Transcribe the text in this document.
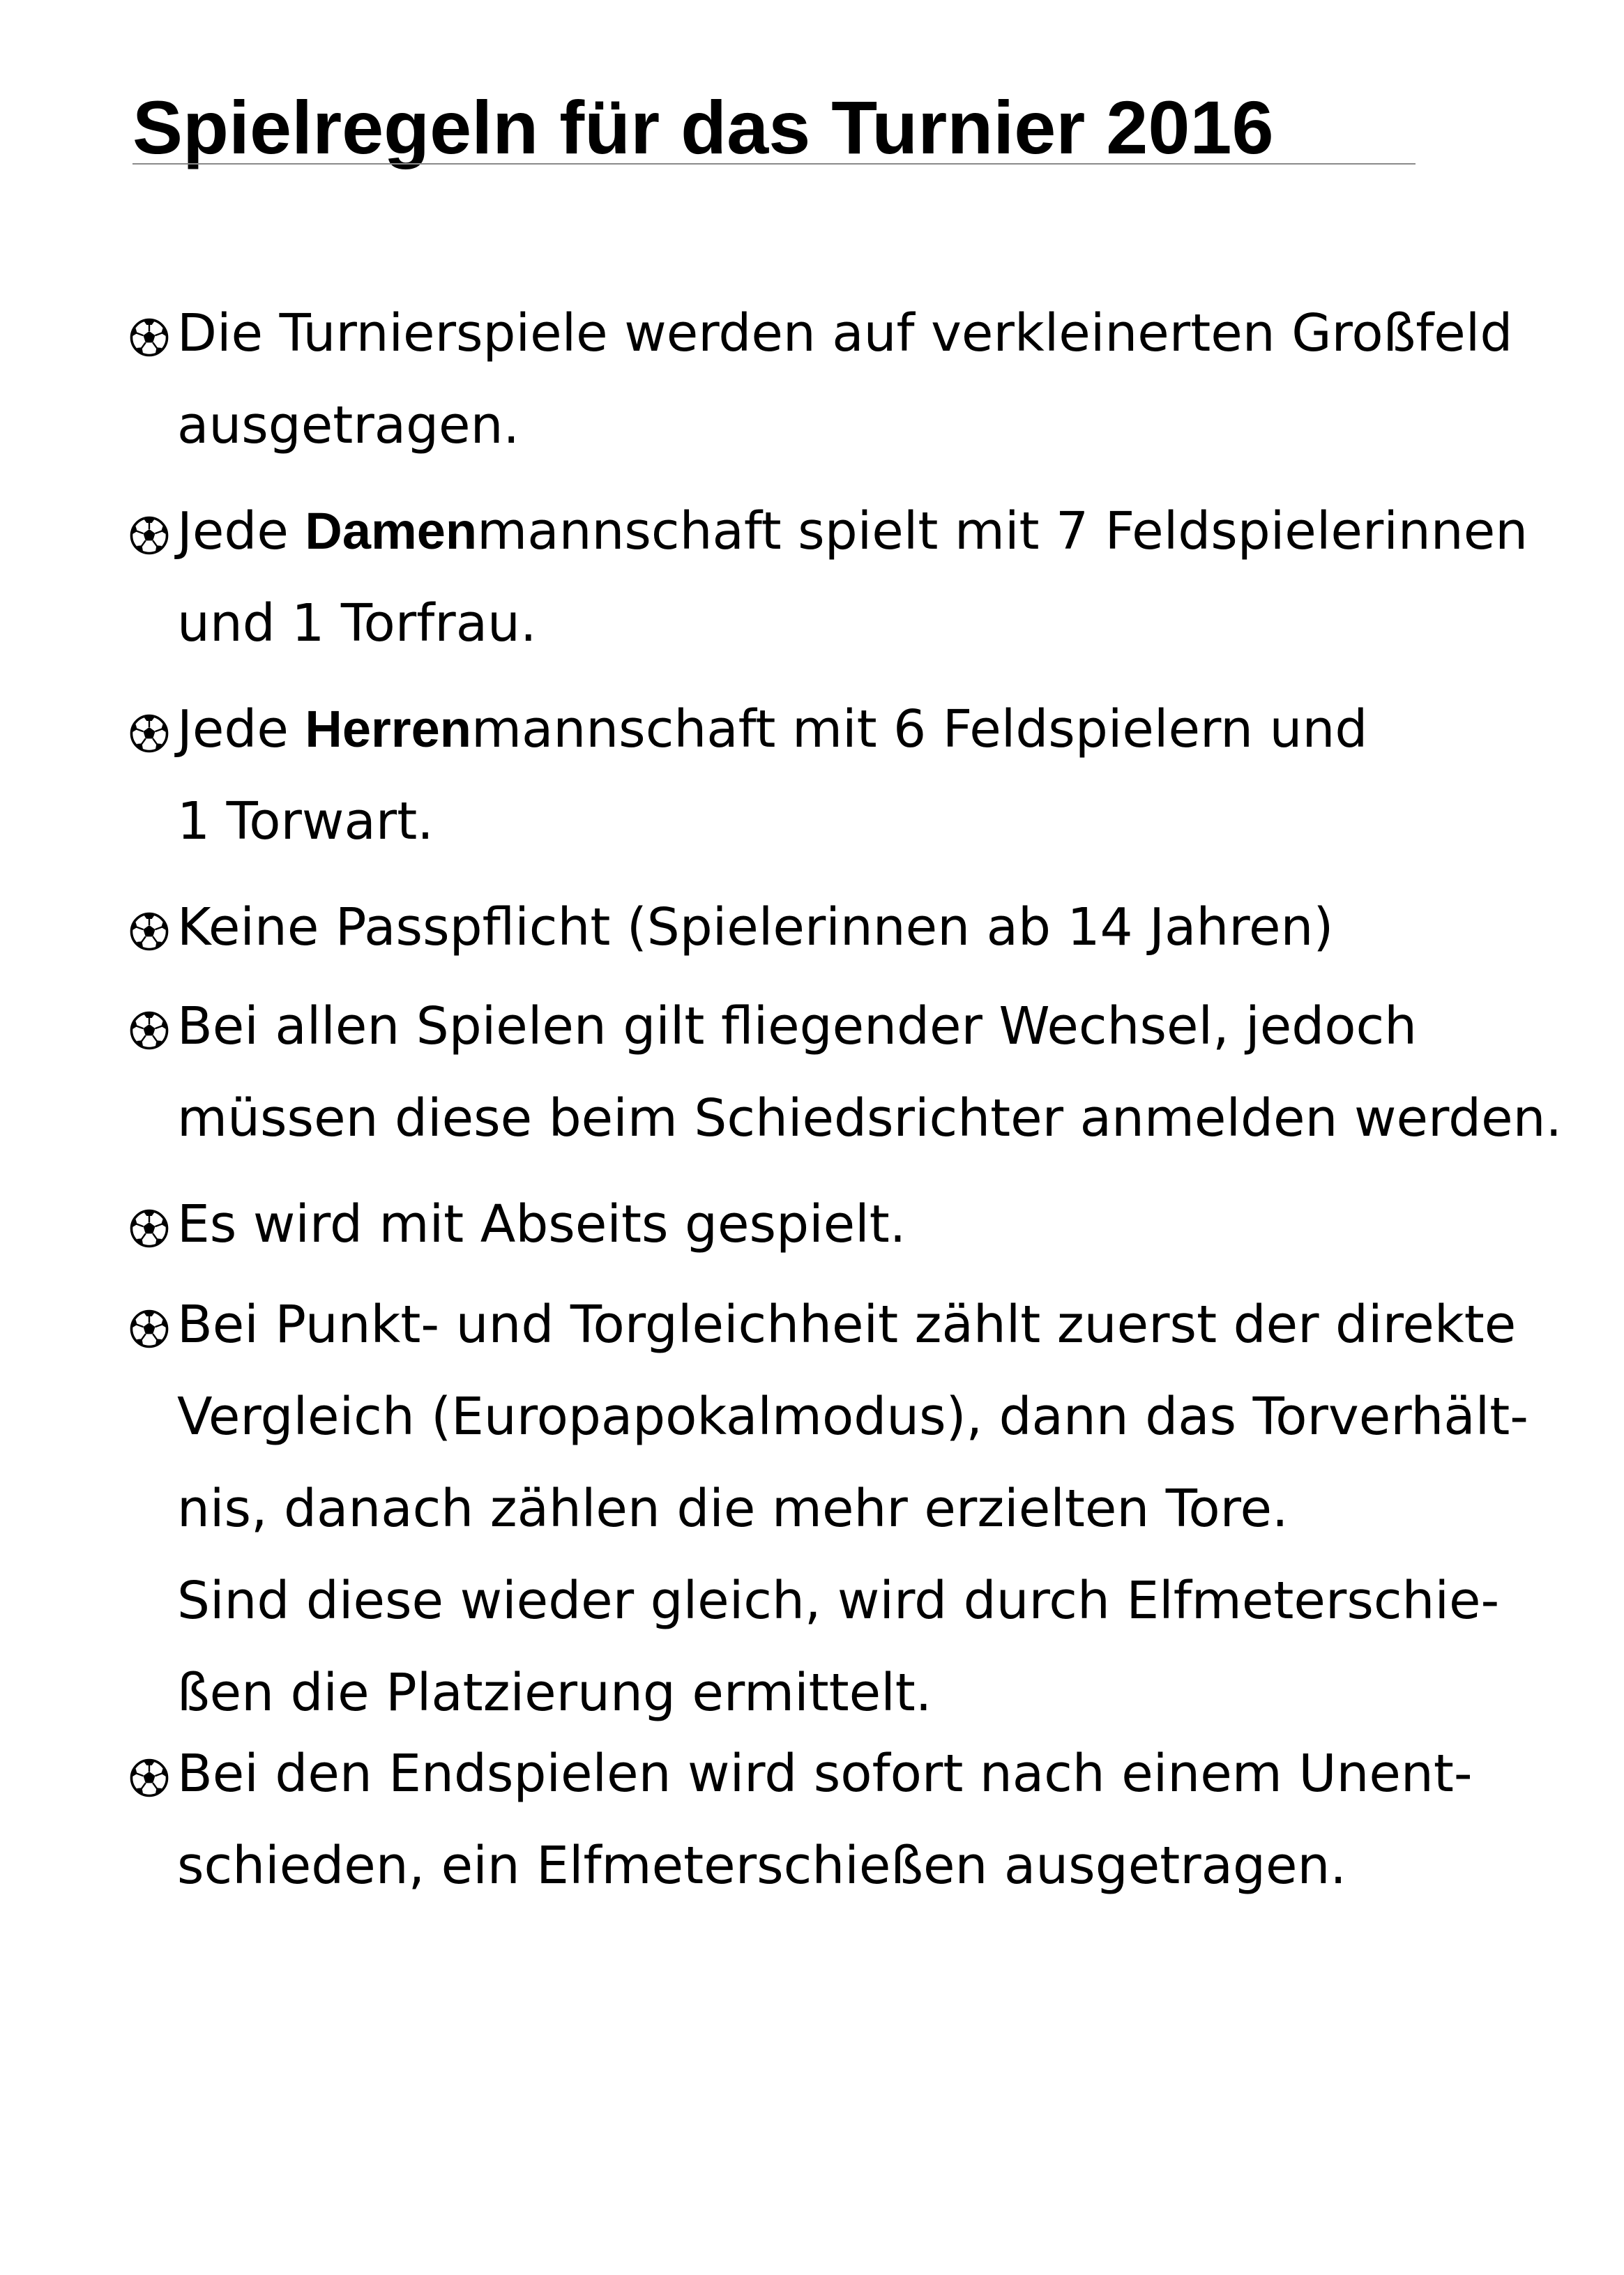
Spielregeln für das Turnier 2016

Die Turnierspiele werden auf verkleinerten Großfeld
ausgetragen.

Jede Damenmannschaft spielt mit 7 Feldspielerinnen
und 1 Torfrau.

Jede Herrenmannschaft mit 6 Feldspielern und
1 Torwart.

Keine Passpflicht (Spielerinnen ab 14 Jahren)

Bei allen Spielen gilt fliegender Wechsel, jedoch
müssen diese beim Schiedsrichter anmelden werden.

Es wird mit Abseits gespielt.

Bei Punkt- und Torgleichheit zählt zuerst der direkte
Vergleich (Europapokalmodus), dann das Torverhält-
nis, danach zählen die mehr erzielten Tore.
Sind diese wieder gleich, wird durch Elfmeterschie-
ßen die Platzierung ermittelt.

Bei den Endspielen wird sofort nach einem Unent-
schieden, ein Elfmeterschießen ausgetragen.
